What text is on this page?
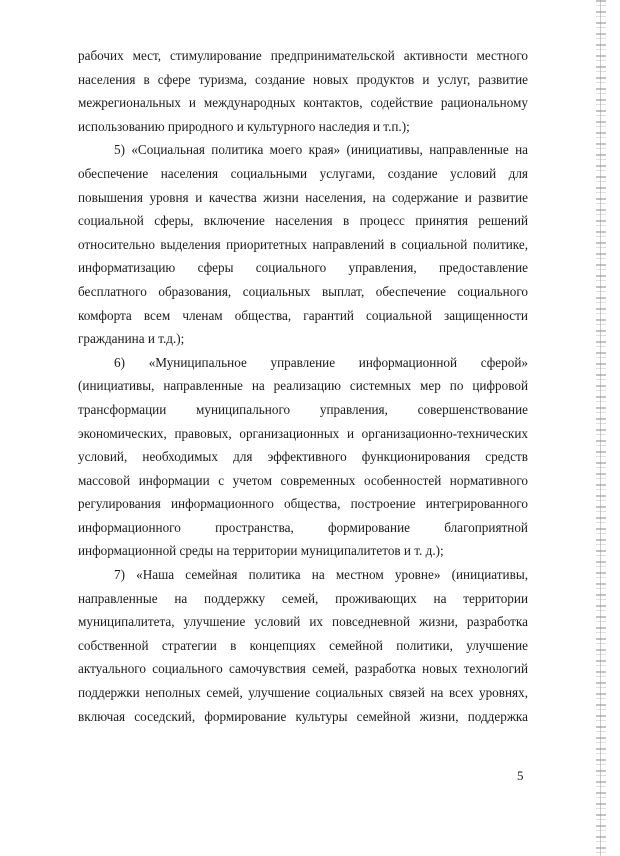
рабочих мест, стимулирование предпринимательской активности местного
населения в сфере туризма, создание новых продуктов и услуг, развитие
межрегиональных и международных контактов, содействие рациональному
использованию природного и культурного наследия и т.п.);
5) «Социальная политика моего края» (инициативы, направленные на
обеспечение населения социальными услугами, создание условий для
повышения уровня и качества жизни населения, на содержание и развитие
социальной сферы, включение населения в процесс принятия решений
относительно выделения приоритетных направлений в социальной политике,
информатизацию сферы социального управления, предоставление
бесплатного образования, социальных выплат, обеспечение социального
комфорта всем членам общества, гарантий социальной защищенности
гражданина и т.д.);
6) «Муниципальное управление информационной сферой»
(инициативы, направленные на реализацию системных мер по цифровой
трансформации муниципального управления, совершенствование
экономических, правовых, организационных и организационно-технических
условий, необходимых для эффективного функционирования средств
массовой информации с учетом современных особенностей нормативного
регулирования информационного общества, построение интегрированного
информационного пространства, формирование благоприятной
информационной среды на территории муниципалитетов и т. д.);
7) «Наша семейная политика на местном уровне» (инициативы,
направленные на поддержку семей, проживающих на территории
муниципалитета, улучшение условий их повседневной жизни, разработка
собственной стратегии в концепциях семейной политики, улучшение
актуального социального самочувствия семей, разработка новых технологий
поддержки неполных семей, улучшение социальных связей на всех уровнях,
включая соседский, формирование культуры семейной жизни, поддержка
5
